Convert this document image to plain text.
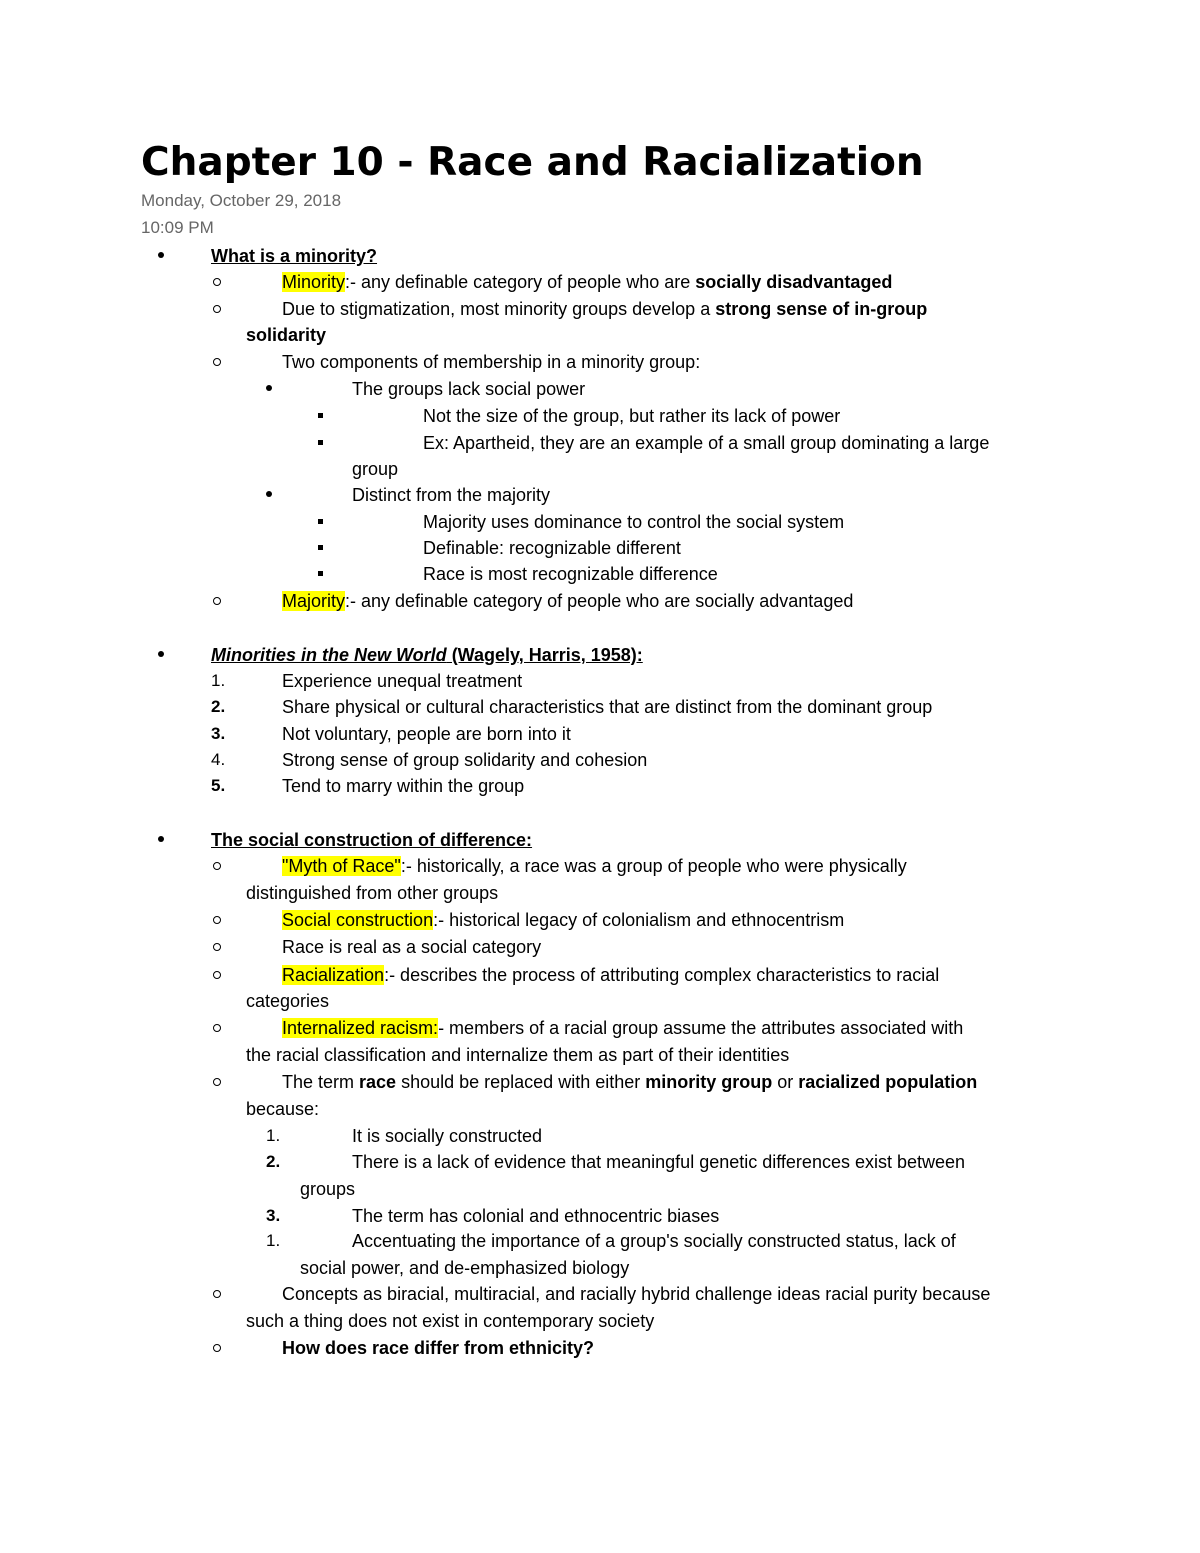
Chapter 10 - Race and Racialization

Monday, October 29, 2018

10:09 PM

What is a minority?
Minority:- any definable category of people who are socially disadvantaged
Due to stigmatization, most minority groups develop a strong sense of in-group
solidarity
Two components of membership in a minority group:
The groups lack social power
Not the size of the group, but rather its lack of power
Ex: Apartheid, they are an example of a small group dominating a large
group
Distinct from the majority
Majority uses dominance to control the social system
Definable: recognizable different
Race is most recognizable difference
Majority:- any definable category of people who are socially advantaged
Minorities in the New World (Wagely, Harris, 1958):
1.	Experience unequal treatment
2.	Share physical or cultural characteristics that are distinct from the dominant group
3.	Not voluntary, people are born into it
4.	Strong sense of group solidarity and cohesion
5.	Tend to marry within the group
The social construction of difference:
"Myth of Race":- historically, a race was a group of people who were physically
distinguished from other groups
Social construction:- historical legacy of colonialism and ethnocentrism
Race is real as a social category
Racialization:- describes the process of attributing complex characteristics to racial
categories
Internalized racism:- members of a racial group assume the attributes associated with
the racial classification and internalize them as part of their identities
The term race should be replaced with either minority group or racialized population
because:
1.	It is socially constructed
2.	There is a lack of evidence that meaningful genetic differences exist between
groups
3.	The term has colonial and ethnocentric biases
1.	Accentuating the importance of a group's socially constructed status, lack of
social power, and de-emphasized biology
Concepts as biracial, multiracial, and racially hybrid challenge ideas racial purity because
such a thing does not exist in contemporary society
How does race differ from ethnicity?
